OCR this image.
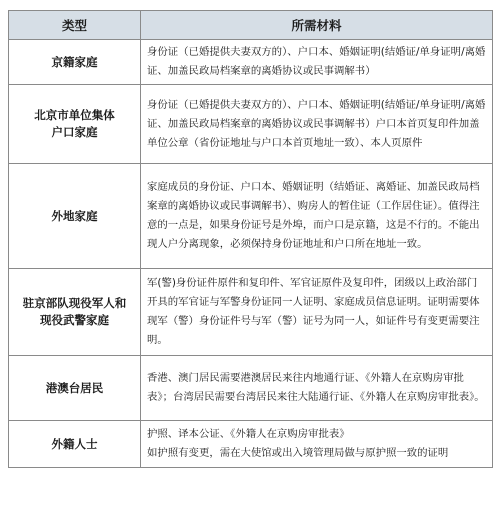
类型	所需材料
京籍家庭	身份证（已婚提供夫妻双方的）、户口本、婚姻证明(结婚证/单身证明/离婚证、加盖民政局档案章的离婚协议或民事调解书）
北京市单位集体
户口家庭	身份证（已婚提供夫妻双方的）、户口本、婚姻证明(结婚证/单身证明/离婚证、加盖民政局档案章的离婚协议或民事调解书）户口本首页复印件加盖单位公章（省份证地址与户口本首页地址一致）、本人页原件
外地家庭	家庭成员的身份证、户口本、婚姻证明（结婚证、离婚证、加盖民政局档案章的离婚协议或民事调解书）、购房人的暂住证（工作居住证）。值得注意的一点是，如果身份证号是外埠，而户口是京籍，这是不行的。不能出现人户分离现象，必须保持身份证地址和户口所在地址一致。
驻京部队现役军人和
现役武警家庭	军(警)身份证件原件和复印件、军官证原件及复印件，团级以上政治部门开具的军官证与军警身份证同一人证明、家庭成员信息证明。证明需要体现军（警）身份证件号与军（警）证号为同一人，如证件号有变更需要注明。
港澳台居民	香港、澳门居民需要港澳居民来往内地通行证、《外籍人在京购房审批表》；台湾居民需要台湾居民来往大陆通行证、《外籍人在京购房审批表》。
外籍人士	护照、译本公证、《外籍人在京购房审批表》
如护照有变更，需在大使馆或出入境管理局做与原护照一致的证明
